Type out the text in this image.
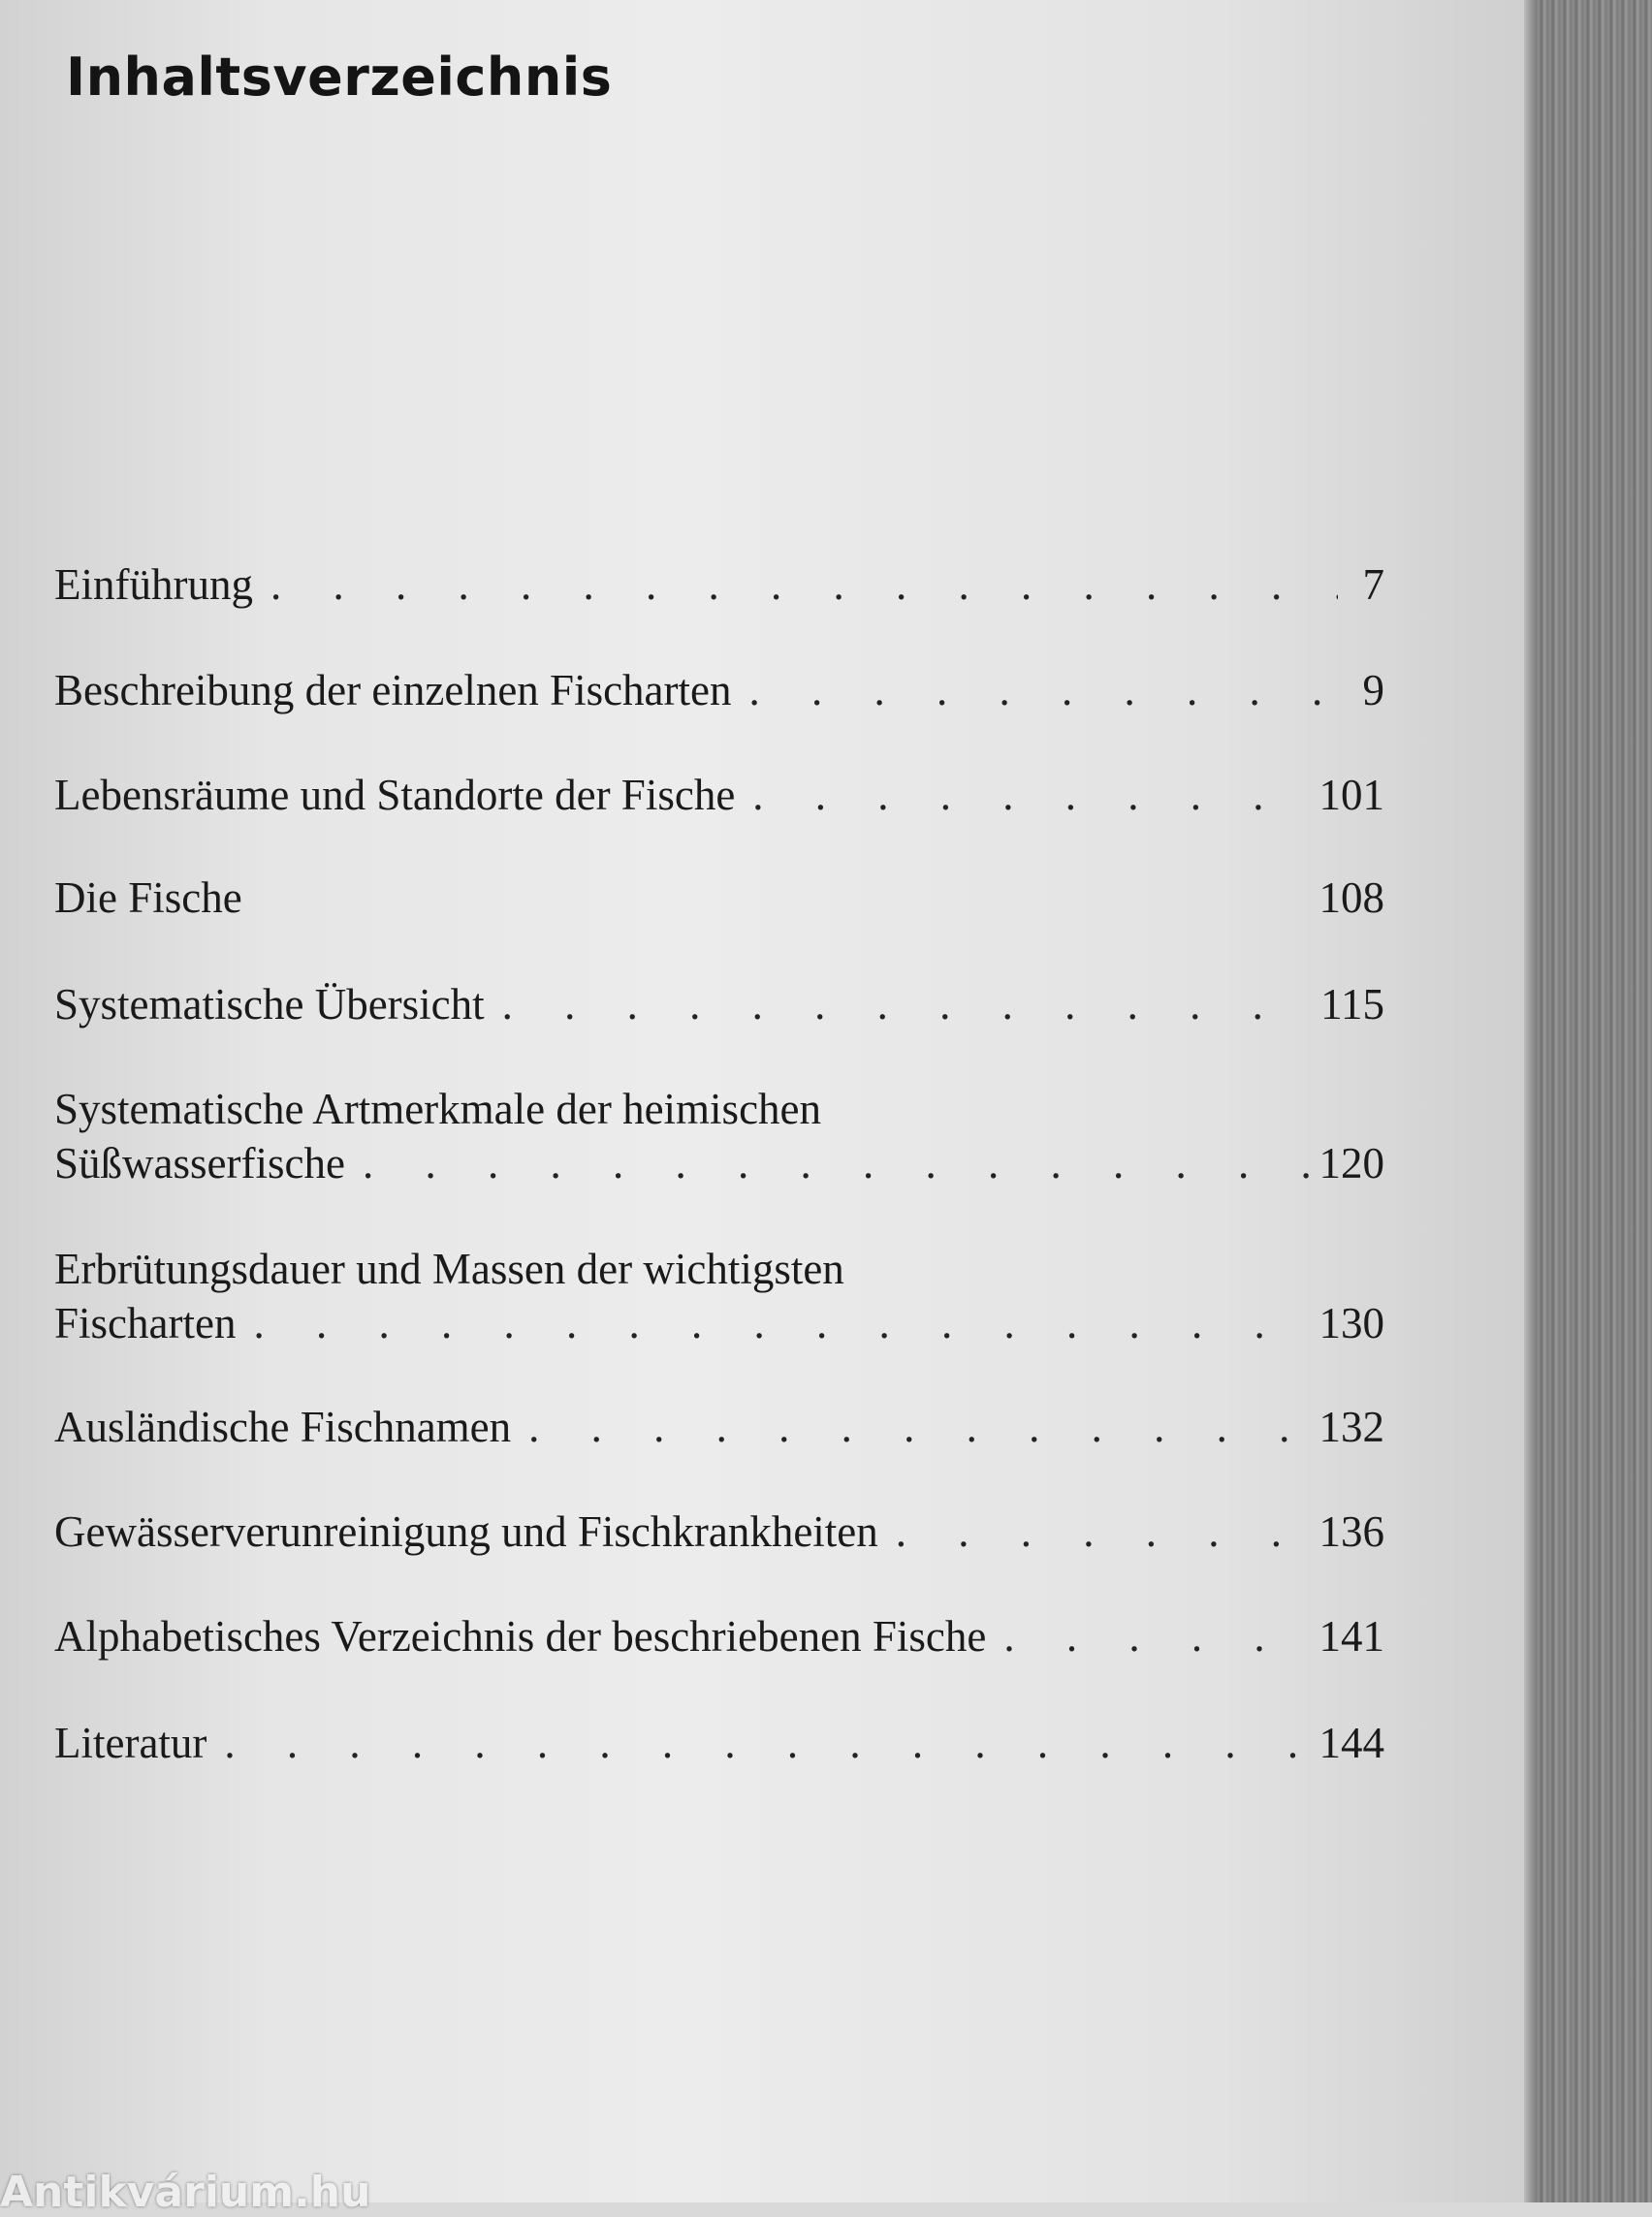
Inhaltsverzeichnis
Einführung . . .	7
Beschreibung der einzelnen Fischarten . . .	9
Lebensräume und Standorte der Fische . . .	101
Die Fische	108
Systematische Übersicht . . .	115
Systematische Artmerkmale der heimischen
Süßwasserfische . . .	120
Erbrütungsdauer und Massen der wichtigsten
Fischarten . . .	130
Ausländische Fischnamen . . .	132
Gewässerverunreinigung und Fischkrankheiten . . .	136
Alphabetisches Verzeichnis der beschriebenen Fische . . .	141
Literatur . . .	144
Antikvárium.hu
